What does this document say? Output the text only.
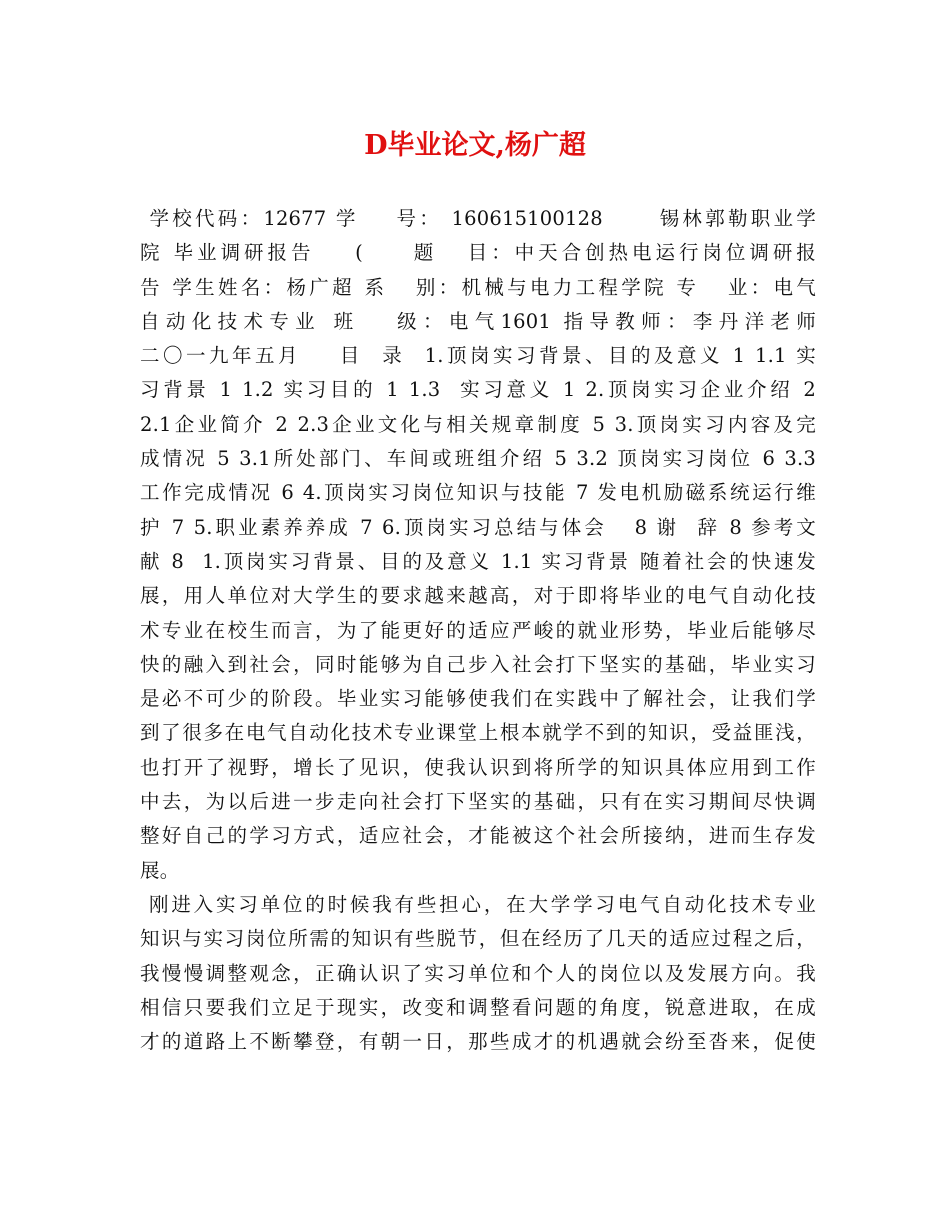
D毕业论文,杨广超
学校代码：12677 学    号： 160615100128      锡林郭勒职业学
院 毕业调研报告    (     题   目：中天合创热电运行岗位调研报
告 学生姓名：杨广超 系   别：机械与电力工程学院 专   业：电气
自动化技术专业 班   级：电气1601 指导教师：李丹洋老师
二〇一九年五月    目  录  1.顶岗实习背景、目的及意义 1 1.1 实
习背景 1 1.2 实习目的 1 1.3  实习意义 1 2.顶岗实习企业介绍 2
2.1企业简介 2 2.3企业文化与相关规章制度 5 3.顶岗实习内容及完
成情况 5 3.1所处部门、车间或班组介绍 5 3.2 顶岗实习岗位 6 3.3
工作完成情况 6 4.顶岗实习岗位知识与技能 7 发电机励磁系统运行维
护 7 5.职业素养养成 7 6.顶岗实习总结与体会   8 谢  辞 8 参考文
献 8  1.顶岗实习背景、目的及意义 1.1 实习背景 随着社会的快速发
展，用人单位对大学生的要求越来越高，对于即将毕业的电气自动化技
术专业在校生而言，为了能更好的适应严峻的就业形势，毕业后能够尽
快的融入到社会，同时能够为自己步入社会打下坚实的基础，毕业实习
是必不可少的阶段。毕业实习能够使我们在实践中了解社会，让我们学
到了很多在电气自动化技术专业课堂上根本就学不到的知识，受益匪浅，
也打开了视野，增长了见识，使我认识到将所学的知识具体应用到工作
中去，为以后进一步走向社会打下坚实的基础，只有在实习期间尽快调
整好自己的学习方式，适应社会，才能被这个社会所接纳，进而生存发
展。
刚进入实习单位的时候我有些担心，在大学学习电气自动化技术专业
知识与实习岗位所需的知识有些脱节，但在经历了几天的适应过程之后，
我慢慢调整观念，正确认识了实习单位和个人的岗位以及发展方向。我
相信只要我们立足于现实，改变和调整看问题的角度，锐意进取，在成
才的道路上不断攀登，有朝一日，那些成才的机遇就会纷至沓来，促使
